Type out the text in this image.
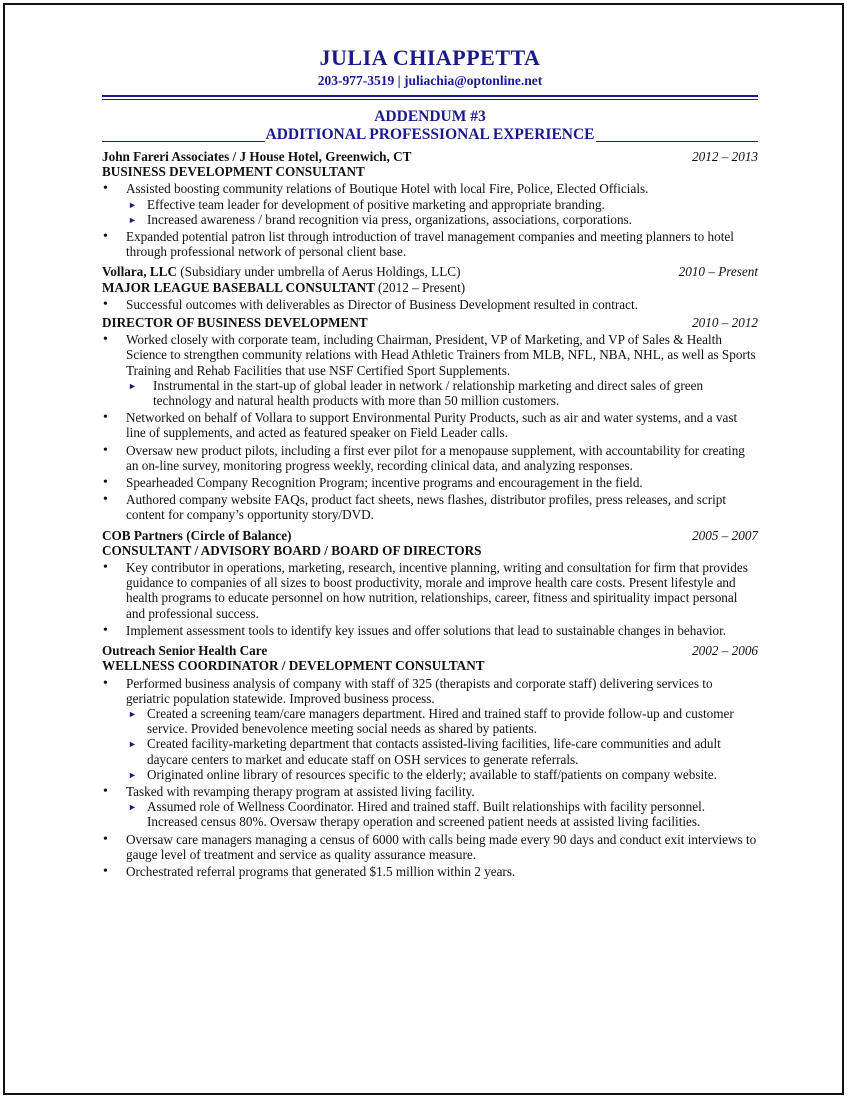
JULIA CHIAPPETTA
203-977-3519 | juliachia@optonline.net
ADDENDUM #3
ADDITIONAL PROFESSIONAL EXPERIENCE
John Fareri Associates / J House Hotel, Greenwich, CT	2012 – 2013
BUSINESS DEVELOPMENT CONSULTANT
• Assisted boosting community relations of Boutique Hotel with local Fire, Police, Elected Officials.
► Effective team leader for development of positive marketing and appropriate branding.
► Increased awareness / brand recognition via press, organizations, associations, corporations.
• Expanded potential patron list through introduction of travel management companies and meeting planners to hotel through professional network of personal client base.
Vollara, LLC (Subsidiary under umbrella of Aerus Holdings, LLC)	2010 – Present
MAJOR LEAGUE BASEBALL CONSULTANT (2012 – Present)
• Successful outcomes with deliverables as Director of Business Development resulted in contract.
DIRECTOR OF BUSINESS DEVELOPMENT	2010 – 2012
• Worked closely with corporate team, including Chairman, President, VP of Marketing, and VP of Sales & Health Science to strengthen community relations with Head Athletic Trainers from MLB, NFL, NBA, NHL, as well as Sports Training and Rehab Facilities that use NSF Certified Sport Supplements.
► Instrumental in the start-up of global leader in network / relationship marketing and direct sales of green technology and natural health products with more than 50 million customers.
• Networked on behalf of Vollara to support Environmental Purity Products, such as air and water systems, and a vast line of supplements, and acted as featured speaker on Field Leader calls.
• Oversaw new product pilots, including a first ever pilot for a menopause supplement, with accountability for creating an on-line survey, monitoring progress weekly, recording clinical data, and analyzing responses.
• Spearheaded Company Recognition Program; incentive programs and encouragement in the field.
• Authored company website FAQs, product fact sheets, news flashes, distributor profiles, press releases, and script content for company’s opportunity story/DVD.
COB Partners (Circle of Balance)	2005 – 2007
CONSULTANT / ADVISORY BOARD / BOARD OF DIRECTORS
• Key contributor in operations, marketing, research, incentive planning, writing and consultation for firm that provides guidance to companies of all sizes to boost productivity, morale and improve health care costs. Present lifestyle and health programs to educate personnel on how nutrition, relationships, career, fitness and spirituality impact personal and professional success.
• Implement assessment tools to identify key issues and offer solutions that lead to sustainable changes in behavior.
Outreach Senior Health Care	2002 – 2006
WELLNESS COORDINATOR / DEVELOPMENT CONSULTANT
• Performed business analysis of company with staff of 325 (therapists and corporate staff) delivering services to geriatric population statewide. Improved business process.
► Created a screening team/care managers department. Hired and trained staff to provide follow-up and customer service. Provided benevolence meeting social needs as shared by patients.
► Created facility-marketing department that contacts assisted-living facilities, life-care communities and adult daycare centers to market and educate staff on OSH services to generate referrals.
► Originated online library of resources specific to the elderly; available to staff/patients on company website.
• Tasked with revamping therapy program at assisted living facility.
► Assumed role of Wellness Coordinator. Hired and trained staff. Built relationships with facility personnel. Increased census 80%. Oversaw therapy operation and screened patient needs at assisted living facilities.
• Oversaw care managers managing a census of 6000 with calls being made every 90 days and conduct exit interviews to gauge level of treatment and service as quality assurance measure.
• Orchestrated referral programs that generated $1.5 million within 2 years.
